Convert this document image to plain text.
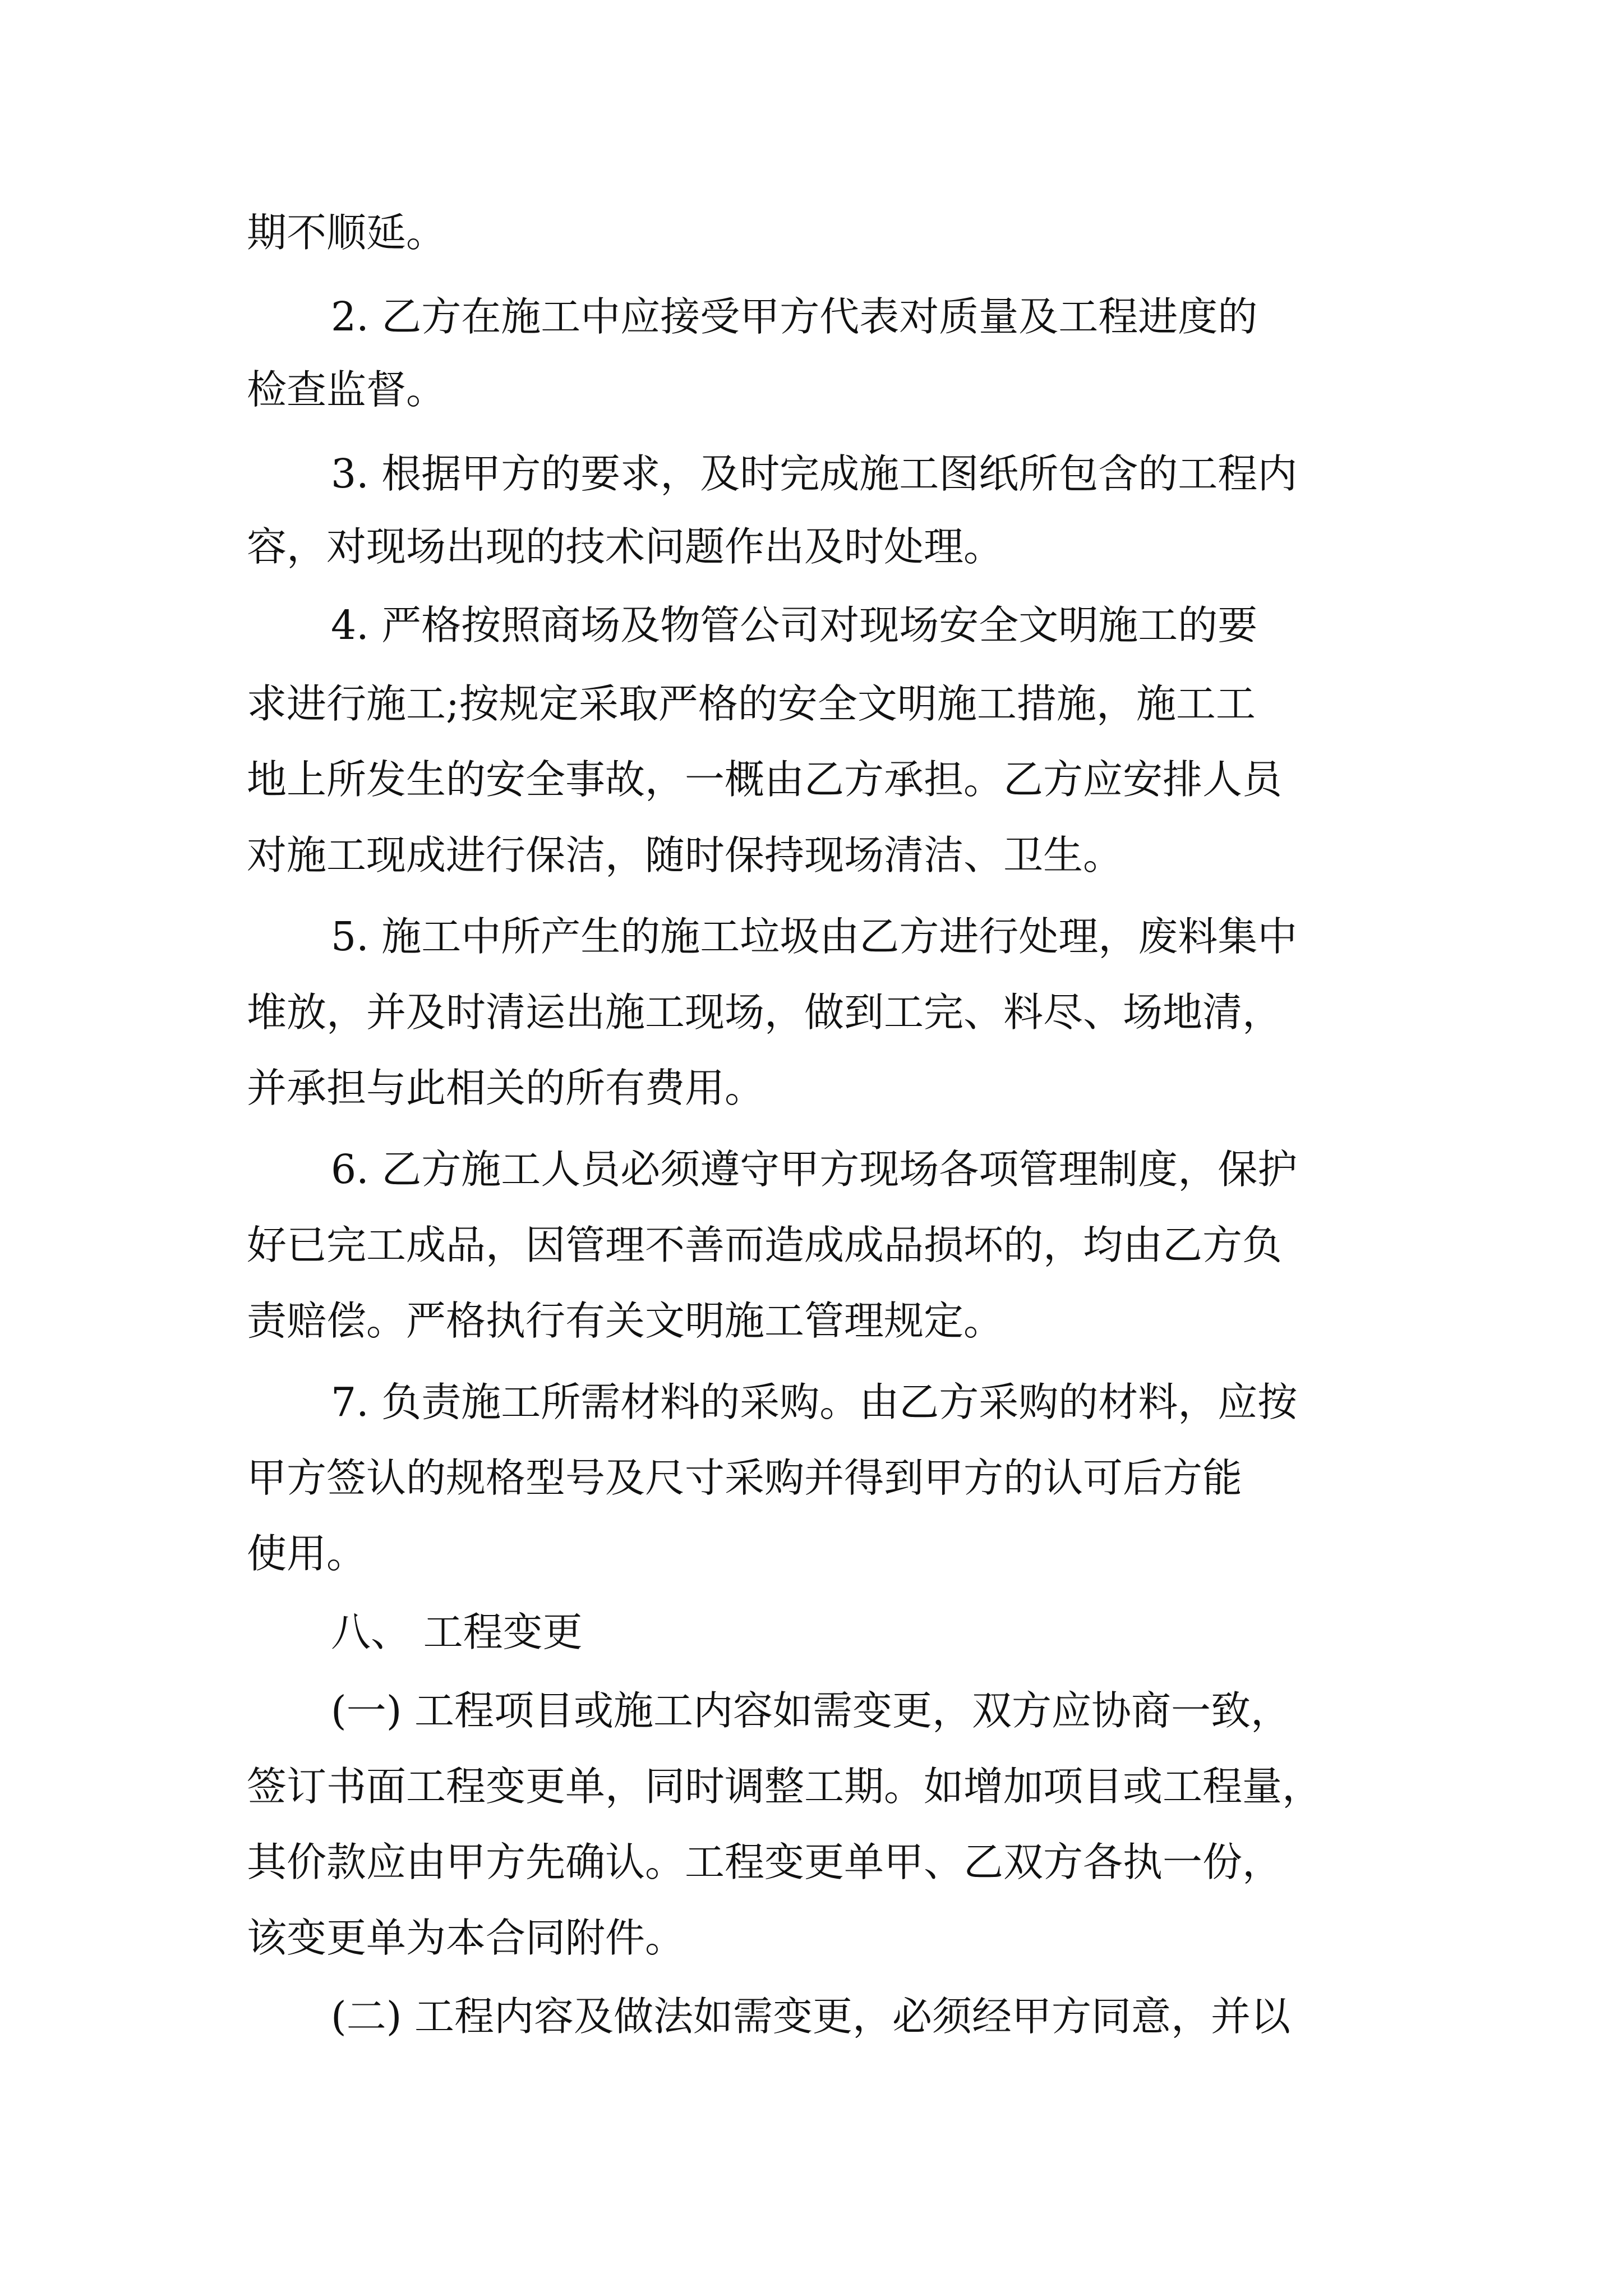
期不顺延。
2. 乙方在施工中应接受甲方代表对质量及工程进度的
检查监督。
3. 根据甲方的要求，及时完成施工图纸所包含的工程内
容，对现场出现的技术问题作出及时处理。
4. 严格按照商场及物管公司对现场安全文明施工的要
求进行施工;按规定采取严格的安全文明施工措施，施工工
地上所发生的安全事故，一概由乙方承担。乙方应安排人员
对施工现成进行保洁，随时保持现场清洁、卫生。
5. 施工中所产生的施工垃圾由乙方进行处理，废料集中
堆放，并及时清运出施工现场，做到工完、料尽、场地清，
并承担与此相关的所有费用。
6. 乙方施工人员必须遵守甲方现场各项管理制度，保护
好已完工成品，因管理不善而造成成品损坏的，均由乙方负
责赔偿。严格执行有关文明施工管理规定。
7. 负责施工所需材料的采购。由乙方采购的材料，应按
甲方签认的规格型号及尺寸采购并得到甲方的认可后方能
使用。
八、 工程变更
(一) 工程项目或施工内容如需变更，双方应协商一致，
签订书面工程变更单，同时调整工期。如增加项目或工程量，
其价款应由甲方先确认。工程变更单甲、乙双方各执一份，
该变更单为本合同附件。
(二) 工程内容及做法如需变更，必须经甲方同意，并以
